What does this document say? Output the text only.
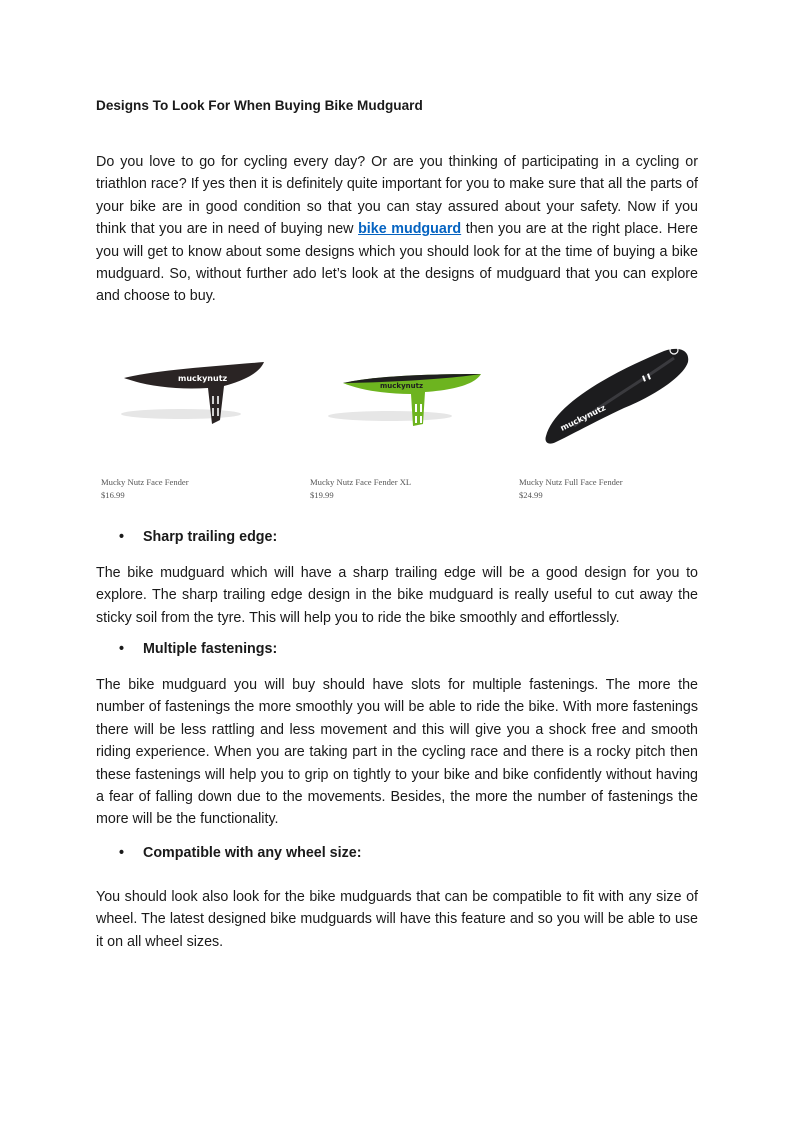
Designs To Look For When Buying Bike Mudguard

Do you love to go for cycling every day? Or are you thinking of participating in a cycling or triathlon race? If yes then it is definitely quite important for you to make sure that all the parts of your bike are in good condition so that you can stay assured about your safety. Now if you think that you are in need of buying new bike mudguard then you are at the right place. Here you will get to know about some designs which you should look for at the time of buying a bike mudguard. So, without further ado let’s look at the designs of mudguard that you can explore and choose to buy.

muckynutz
Mucky Nutz Face Fender
$16.99
muckynutz
Mucky Nutz Face Fender XL
$19.99
muckynutz
Mucky Nutz Full Face Fender
$24.99
• Sharp trailing edge:

The bike mudguard which will have a sharp trailing edge will be a good design for you to explore. The sharp trailing edge design in the bike mudguard is really useful to cut away the sticky soil from the tyre. This will help you to ride the bike smoothly and effortlessly.

• Multiple fastenings:

The bike mudguard you will buy should have slots for multiple fastenings. The more the number of fastenings the more smoothly you will be able to ride the bike. With more fastenings there will be less rattling and less movement and this will give you a shock free and smooth riding experience. When you are taking part in the cycling race and there is a rocky pitch then these fastenings will help you to grip on tightly to your bike and bike confidently without having a fear of falling down due to the movements. Besides, the more the number of fastenings the more will be the functionality.

• Compatible with any wheel size:

You should look also look for the bike mudguards that can be compatible to fit with any size of wheel. The latest designed bike mudguards will have this feature and so you will be able to use it on all wheel sizes.
